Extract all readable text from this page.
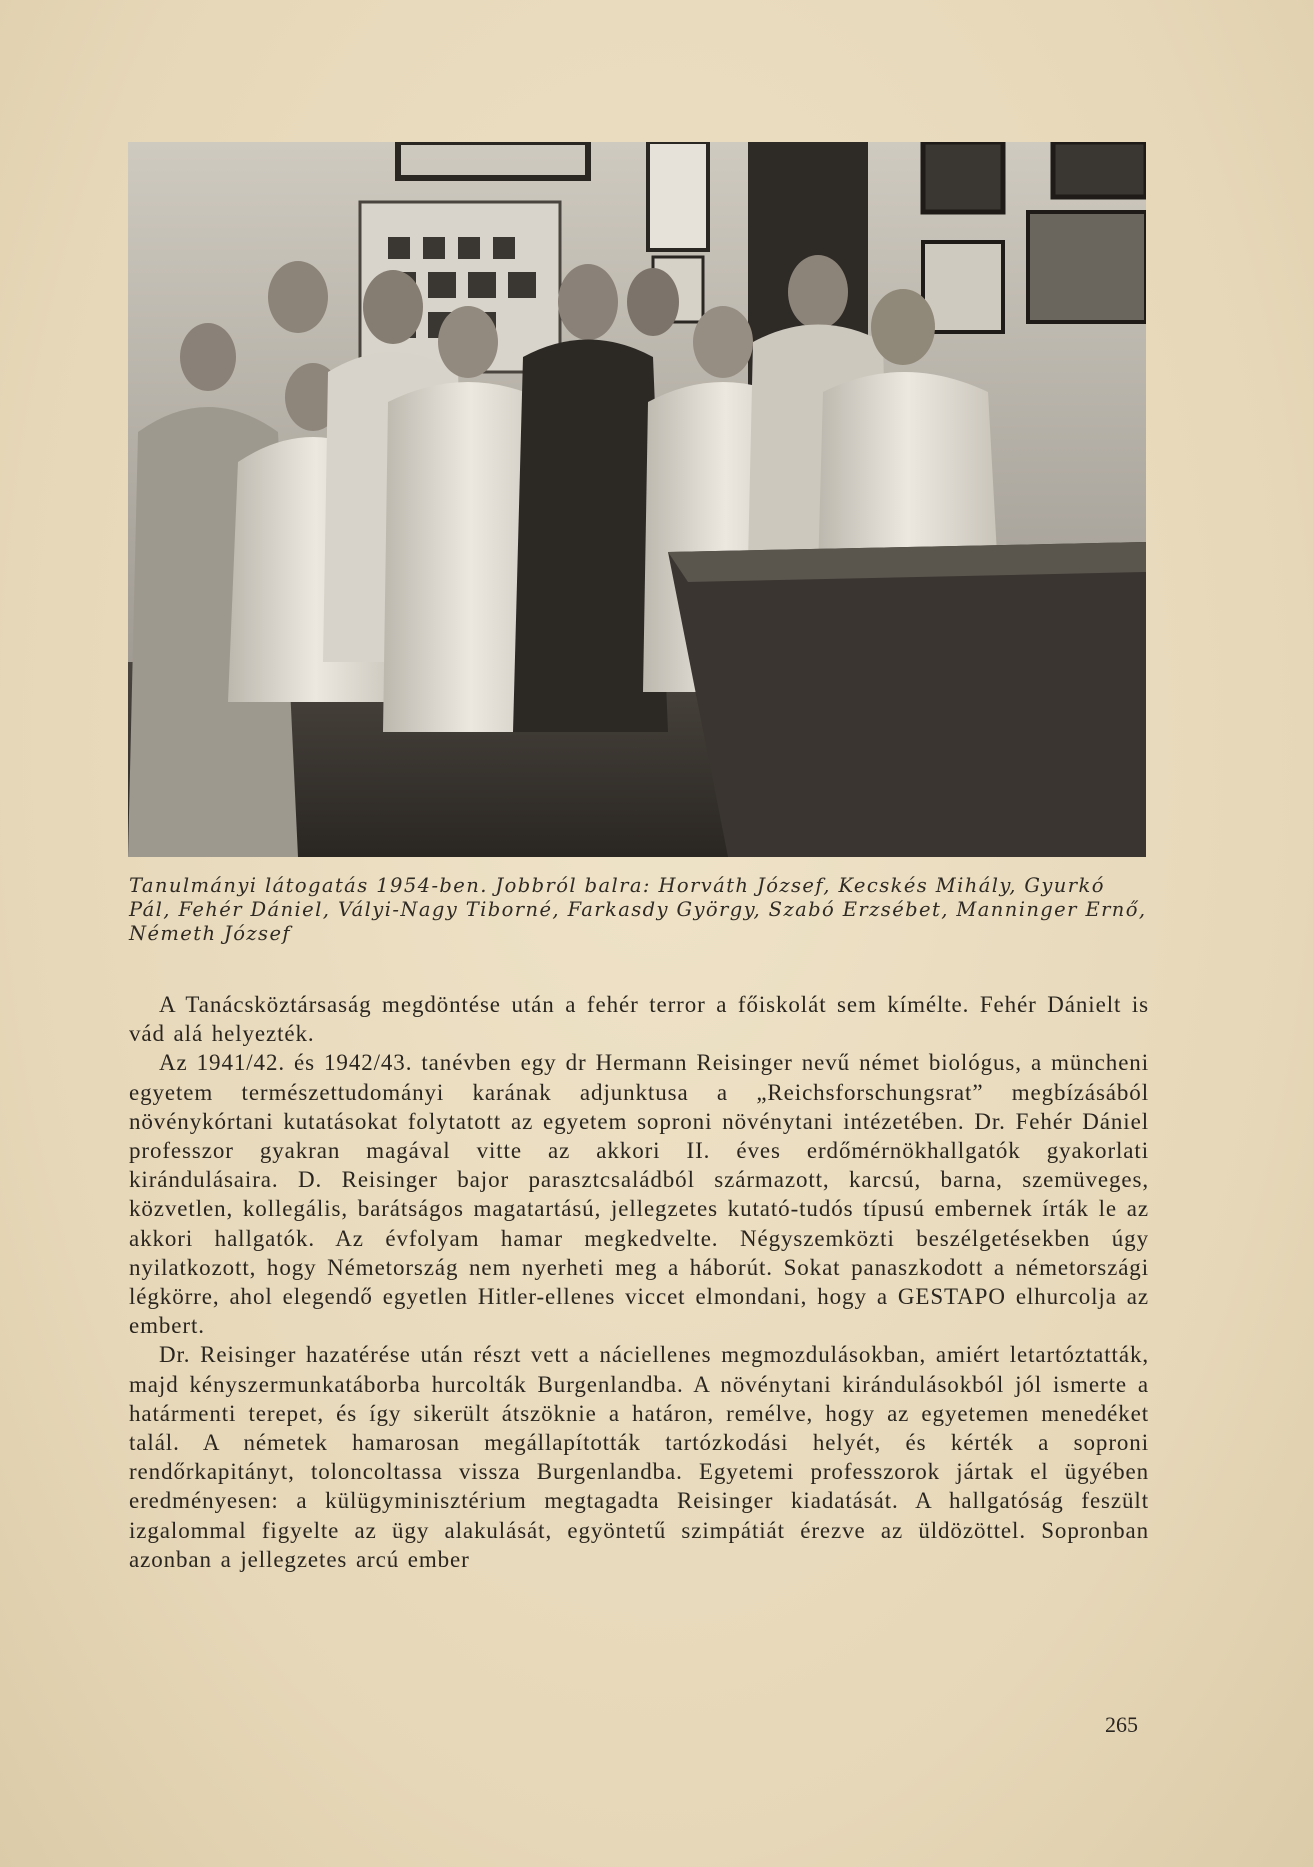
Tanulmányi látogatás 1954-ben. Jobbról balra: Horváth József, Kecskés Mihály, Gyurkó Pál, Fehér Dániel, Vályi-Nagy Tiborné, Farkasdy György, Szabó Erzsébet, Manninger Ernő, Németh József

A Tanácsköztársaság megdöntése után a fehér terror a főiskolát sem kímélte. Fehér Dánielt is vád alá helyezték.

Az 1941/42. és 1942/43. tanévben egy dr Hermann Reisinger nevű német biológus, a müncheni egyetem természettudományi karának adjunktusa a „Reichsforschungsrat” megbízásából növénykórtani kutatásokat folytatott az egyetem soproni növénytani intézetében. Dr. Fehér Dániel professzor gyakran magával vitte az akkori II. éves erdőmérnökhallgatók gyakorlati kirándulásaira. D. Reisinger bajor parasztcsaládból származott, karcsú, barna, szemüveges, közvetlen, kollegális, barátságos magatartású, jellegzetes kutató-tudós típusú embernek írták le az akkori hallgatók. Az évfolyam hamar megkedvelte. Négyszemközti beszélgetésekben úgy nyilatkozott, hogy Németország nem nyerheti meg a háborút. Sokat panaszkodott a németországi légkörre, ahol elegendő egyetlen Hitler-ellenes viccet elmondani, hogy a GESTAPO elhurcolja az embert.

Dr. Reisinger hazatérése után részt vett a náciellenes megmozdulásokban, amiért letartóztatták, majd kényszermunkatáborba hurcolták Burgenlandba. A növénytani kirándulásokból jól ismerte a határmenti terepet, és így sikerült átszöknie a határon, remélve, hogy az egyetemen menedéket talál. A németek hamarosan megállapították tartózkodási helyét, és kérték a soproni rendőrkapitányt, toloncoltassa vissza Burgenlandba. Egyetemi professzorok jártak el ügyében eredményesen: a külügyminisztérium megtagadta Reisinger kiadatását. A hallgatóság feszült izgalommal figyelte az ügy alakulását, egyöntetű szimpátiát érezve az üldözöttel. Sopronban azonban a jellegzetes arcú ember

265
